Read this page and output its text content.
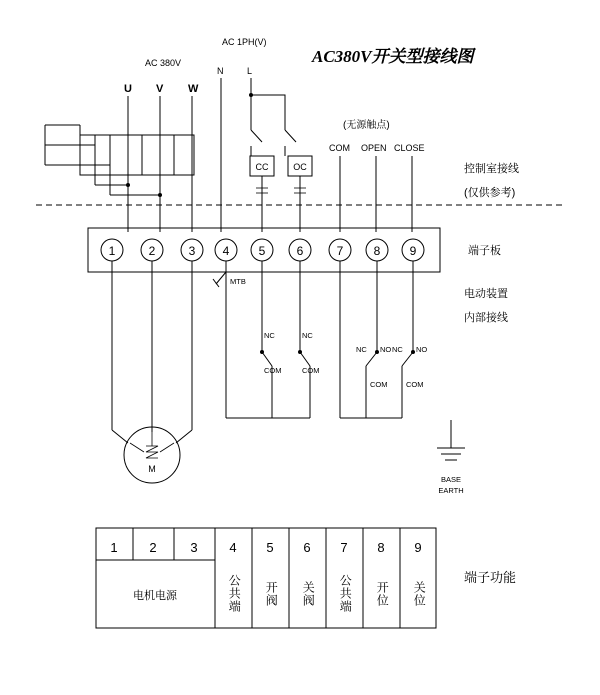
AC380V开关型接线图
AC 380V
AC 1PH(V)
U V W
N	L
(无源触点)
COM OPEN CLOSE
控制室接线
(仅供参考)
端子板
电动装置
内部接线
端子功能
CC	OC
1	2	3 4 5	6	7	8 9
M
MTB
NC
COM
NC
COM
NC NO
COM
NO
NC
COM
BASE
EARTH
1 2	3 4 5 6 7 8 9
电机电源	公共端 开阀 关阀 公共端 开位 关位
